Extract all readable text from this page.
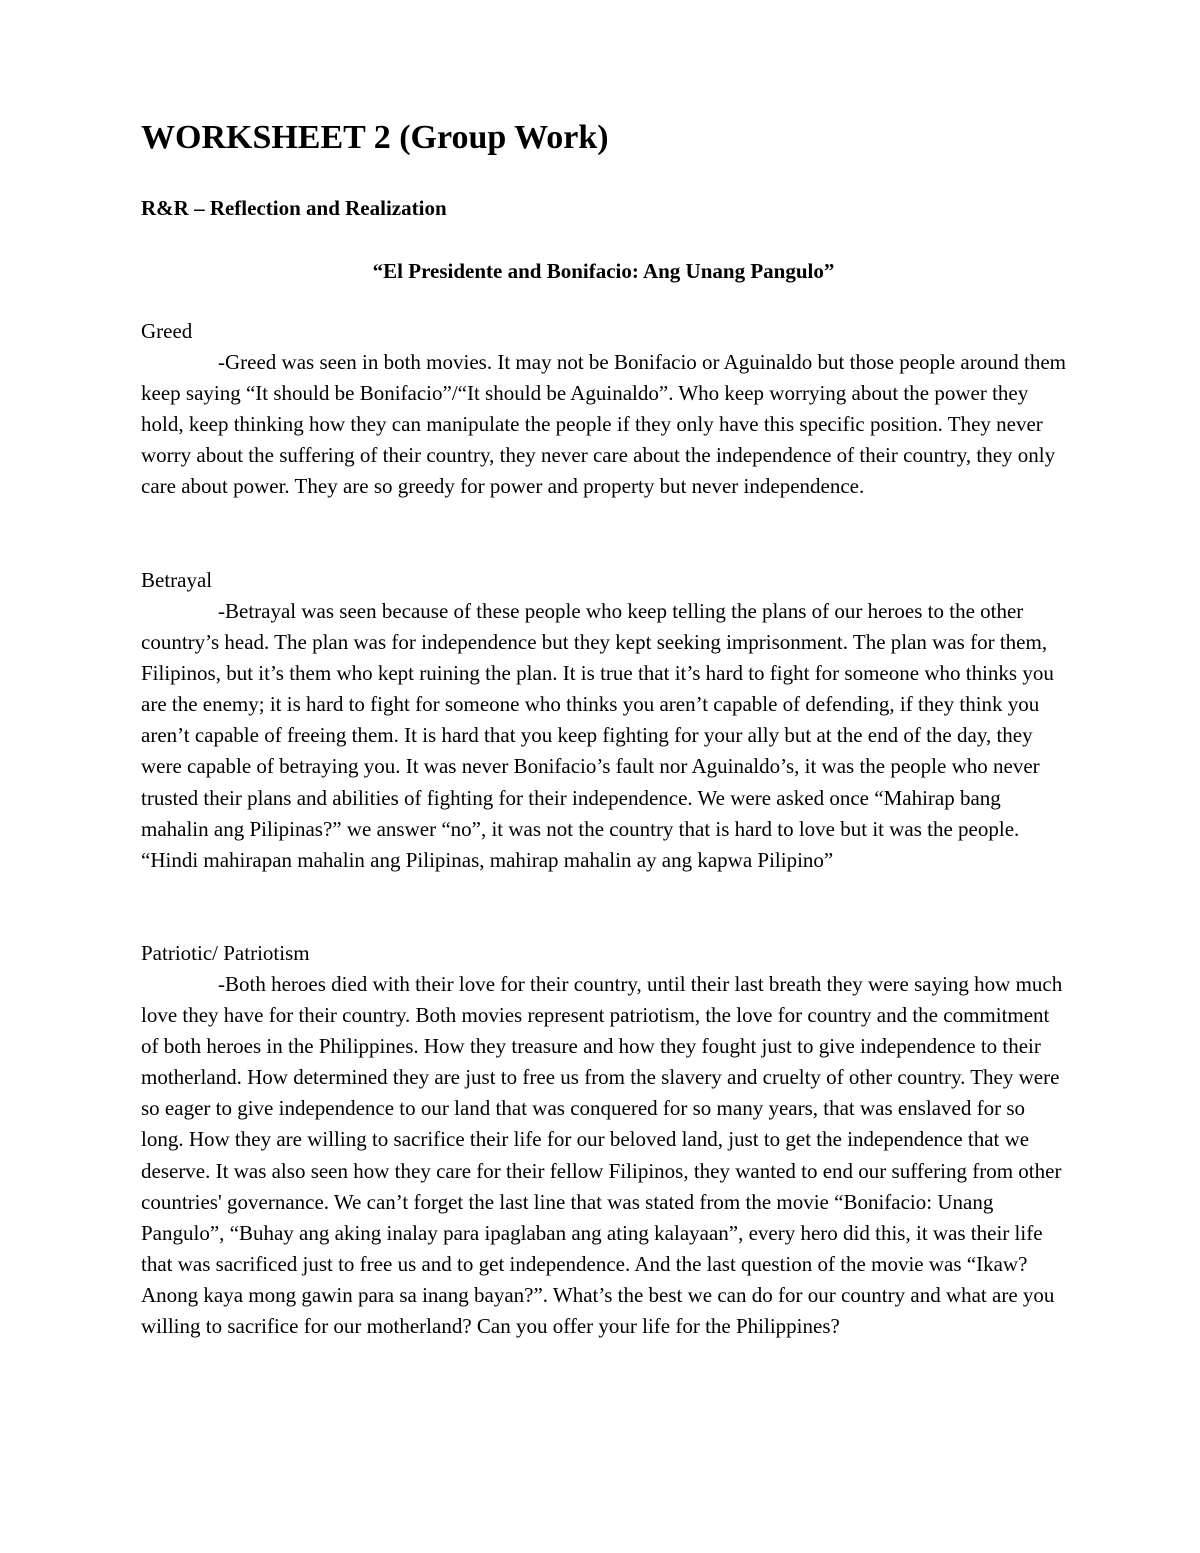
WORKSHEET 2 (Group Work)
R&R – Reflection and Realization
“El Presidente and Bonifacio: Ang Unang Pangulo”

Greed

-Greed was seen in both movies. It may not be Bonifacio or Aguinaldo but those people around them keep saying “It should be Bonifacio”/“It should be Aguinaldo”. Who keep worrying about the power they hold, keep thinking how they can manipulate the people if they only have this specific position. They never worry about the suffering of their country, they never care about the independence of their country, they only care about power. They are so greedy for power and property but never independence.

Betrayal

-Betrayal was seen because of these people who keep telling the plans of our heroes to the other country’s head. The plan was for independence but they kept seeking imprisonment. The plan was for them, Filipinos, but it’s them who kept ruining the plan. It is true that it’s hard to fight for someone who thinks you are the enemy; it is hard to fight for someone who thinks you aren’t capable of defending, if they think you aren’t capable of freeing them. It is hard that you keep fighting for your ally but at the end of the day, they were capable of betraying you. It was never Bonifacio’s fault nor Aguinaldo’s, it was the people who never trusted their plans and abilities of fighting for their independence. We were asked once “Mahirap bang mahalin ang Pilipinas?” we answer “no”, it was not the country that is hard to love but it was the people. “Hindi mahirapan mahalin ang Pilipinas, mahirap mahalin ay ang kapwa Pilipino”

Patriotic/ Patriotism

-Both heroes died with their love for their country, until their last breath they were saying how much love they have for their country. Both movies represent patriotism, the love for country and the commitment of both heroes in the Philippines. How they treasure and how they fought just to give independence to their motherland. How determined they are just to free us from the slavery and cruelty of other country. They were so eager to give independence to our land that was conquered for so many years, that was enslaved for so long. How they are willing to sacrifice their life for our beloved land, just to get the independence that we deserve. It was also seen how they care for their fellow Filipinos, they wanted to end our suffering from other countries' governance. We can’t forget the last line that was stated from the movie “Bonifacio: Unang Pangulo”, “Buhay ang aking inalay para ipaglaban ang ating kalayaan”, every hero did this, it was their life that was sacrificed just to free us and to get independence. And the last question of the movie was “Ikaw? Anong kaya mong gawin para sa inang bayan?”. What’s the best we can do for our country and what are you willing to sacrifice for our motherland? Can you offer your life for the Philippines?
